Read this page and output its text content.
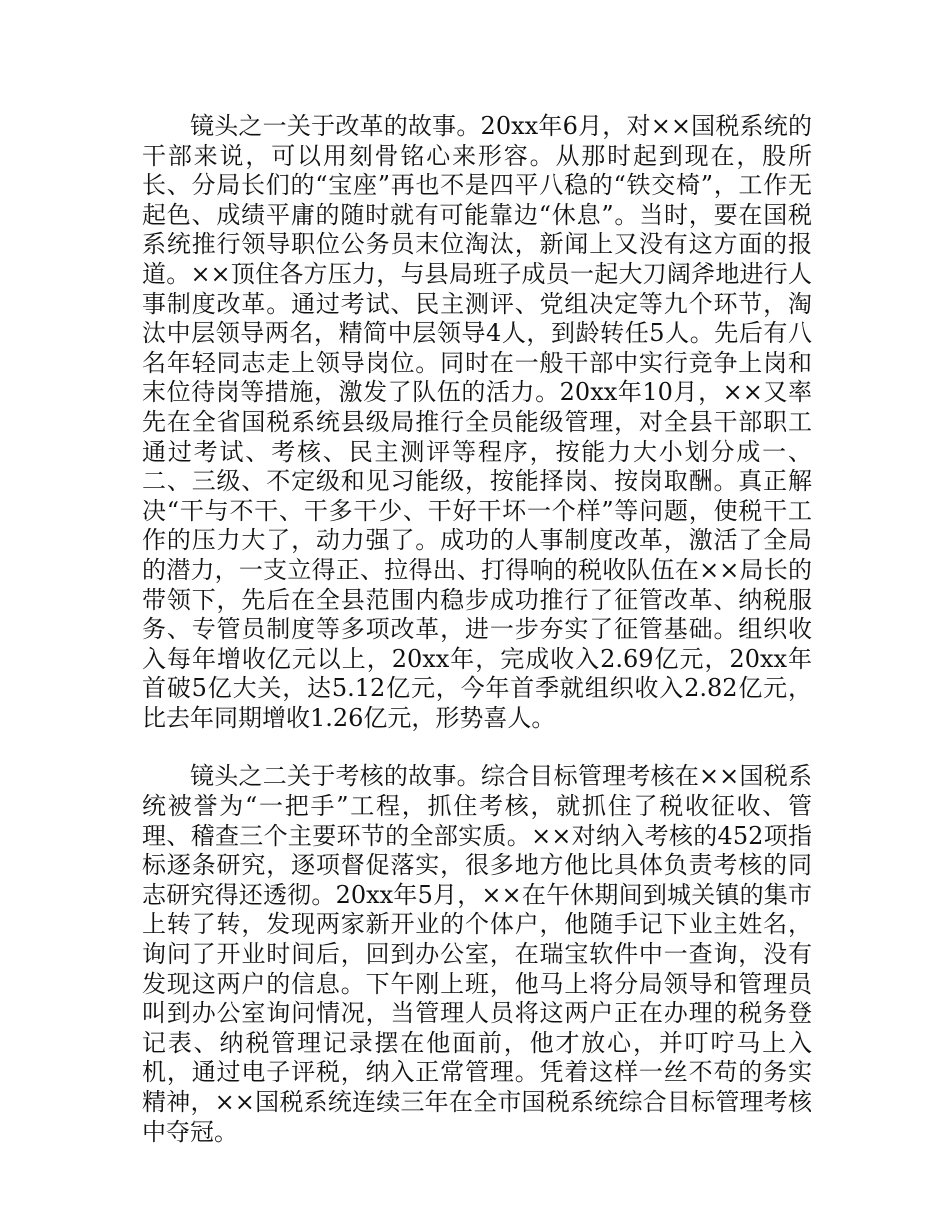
镜头之一关于改革的故事。20xx年6月，对××国税系统的干部来说，可以用刻骨铭心来形容。从那时起到现在，股所长、分局长们的“宝座”再也不是四平八稳的“铁交椅”，工作无起色、成绩平庸的随时就有可能靠边“休息”。当时，要在国税系统推行领导职位公务员末位淘汰，新闻上又没有这方面的报道。××顶住各方压力，与县局班子成员一起大刀阔斧地进行人事制度改革。通过考试、民主测评、党组决定等九个环节，淘汰中层领导两名，精简中层领导4人，到龄转任5人。先后有八名年轻同志走上领导岗位。同时在一般干部中实行竞争上岗和末位待岗等措施，激发了队伍的活力。20xx年10月，××又率先在全省国税系统县级局推行全员能级管理，对全县干部职工通过考试、考核、民主测评等程序，按能力大小划分成一、二、三级、不定级和见习能级，按能择岗、按岗取酬。真正解决“干与不干、干多干少、干好干坏一个样”等问题，使税干工作的压力大了，动力强了。成功的人事制度改革，激活了全局的潜力，一支立得正、拉得出、打得响的税收队伍在××局长的带领下，先后在全县范围内稳步成功推行了征管改革、纳税服务、专管员制度等多项改革，进一步夯实了征管基础。组织收入每年增收亿元以上，20xx年，完成收入2.69亿元，20xx年首破5亿大关，达5.12亿元，今年首季就组织收入2.82亿元，比去年同期增收1.26亿元，形势喜人。

镜头之二关于考核的故事。综合目标管理考核在××国税系统被誉为“一把手”工程，抓住考核，就抓住了税收征收、管理、稽查三个主要环节的全部实质。××对纳入考核的452项指标逐条研究，逐项督促落实，很多地方他比具体负责考核的同志研究得还透彻。20xx年5月，××在午休期间到城关镇的集市上转了转，发现两家新开业的个体户，他随手记下业主姓名，询问了开业时间后，回到办公室，在瑞宝软件中一查询，没有发现这两户的信息。下午刚上班，他马上将分局领导和管理员叫到办公室询问情况，当管理人员将这两户正在办理的税务登记表、纳税管理记录摆在他面前，他才放心，并叮咛马上入机，通过电子评税，纳入正常管理。凭着这样一丝不苟的务实精神，××国税系统连续三年在全市国税系统综合目标管理考核中夺冠。
